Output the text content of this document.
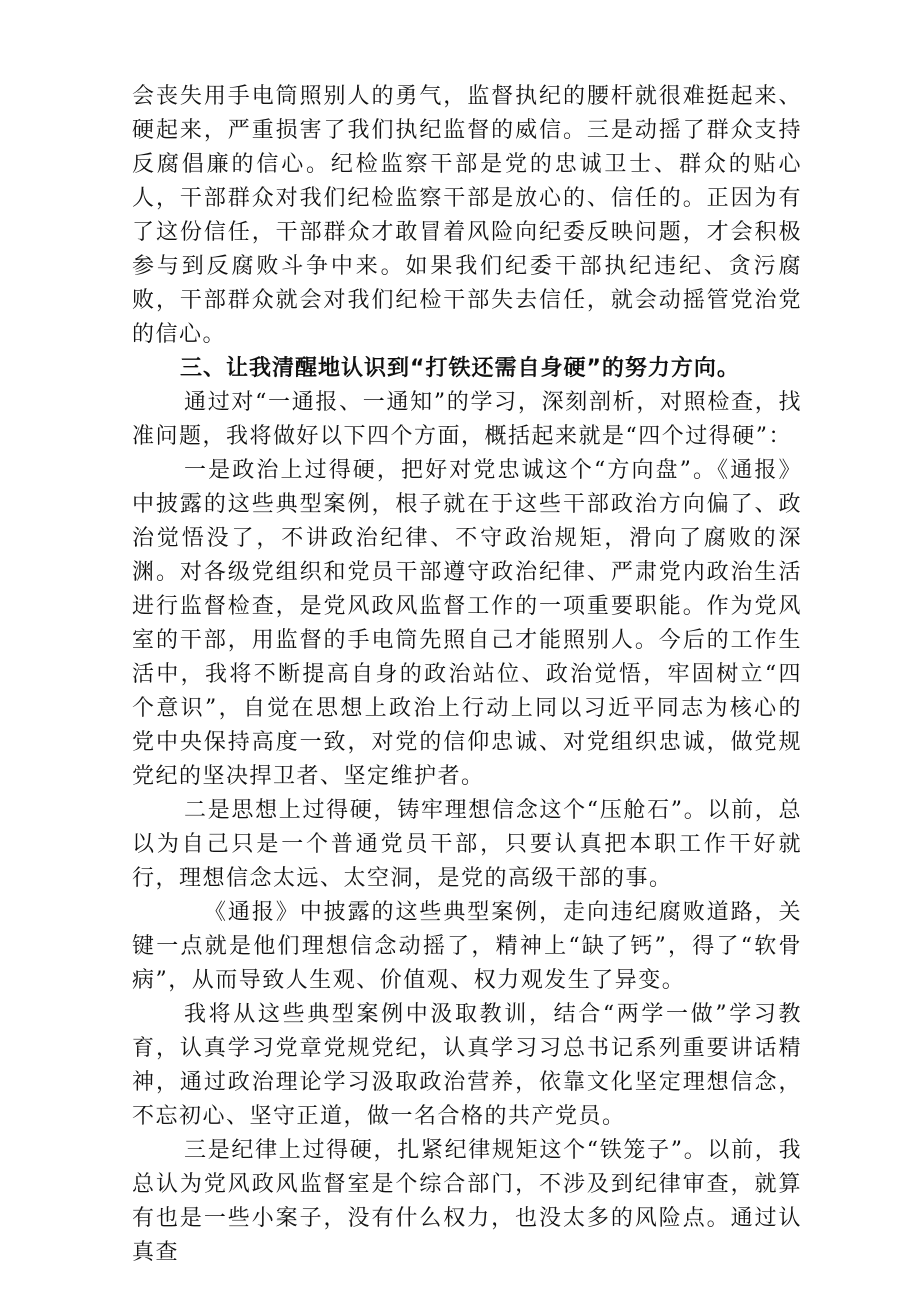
会丧失用手电筒照别人的勇气，监督执纪的腰杆就很难挺起来、硬起来，严重损害了我们执纪监督的威信。三是动摇了群众支持反腐倡廉的信心。纪检监察干部是党的忠诚卫士、群众的贴心人，干部群众对我们纪检监察干部是放心的、信任的。正因为有了这份信任，干部群众才敢冒着风险向纪委反映问题，才会积极参与到反腐败斗争中来。如果我们纪委干部执纪违纪、贪污腐败，干部群众就会对我们纪检干部失去信任，就会动摇管党治党的信心。

三、让我清醒地认识到“打铁还需自身硬”的努力方向。

通过对“一通报、一通知”的学习，深刻剖析，对照检查，找准问题，我将做好以下四个方面，概括起来就是“四个过得硬”：

一是政治上过得硬，把好对党忠诚这个“方向盘”。《通报》中披露的这些典型案例，根子就在于这些干部政治方向偏了、政治觉悟没了，不讲政治纪律、不守政治规矩，滑向了腐败的深渊。对各级党组织和党员干部遵守政治纪律、严肃党内政治生活进行监督检查，是党风政风监督工作的一项重要职能。作为党风室的干部，用监督的手电筒先照自己才能照别人。今后的工作生活中，我将不断提高自身的政治站位、政治觉悟，牢固树立“四个意识”，自觉在思想上政治上行动上同以习近平同志为核心的党中央保持高度一致，对党的信仰忠诚、对党组织忠诚，做党规党纪的坚决捍卫者、坚定维护者。

二是思想上过得硬，铸牢理想信念这个“压舱石”。以前，总以为自己只是一个普通党员干部，只要认真把本职工作干好就行，理想信念太远、太空洞，是党的高级干部的事。

《通报》中披露的这些典型案例，走向违纪腐败道路，关键一点就是他们理想信念动摇了，精神上“缺了钙”，得了“软骨病”，从而导致人生观、价值观、权力观发生了异变。

我将从这些典型案例中汲取教训，结合“两学一做”学习教育，认真学习党章党规党纪，认真学习习总书记系列重要讲话精神，通过政治理论学习汲取政治营养，依靠文化坚定理想信念，不忘初心、坚守正道，做一名合格的共产党员。

三是纪律上过得硬，扎紧纪律规矩这个“铁笼子”。以前，我总认为党风政风监督室是个综合部门，不涉及到纪律审查，就算有也是一些小案子，没有什么权力，也没太多的风险点。通过认真查
